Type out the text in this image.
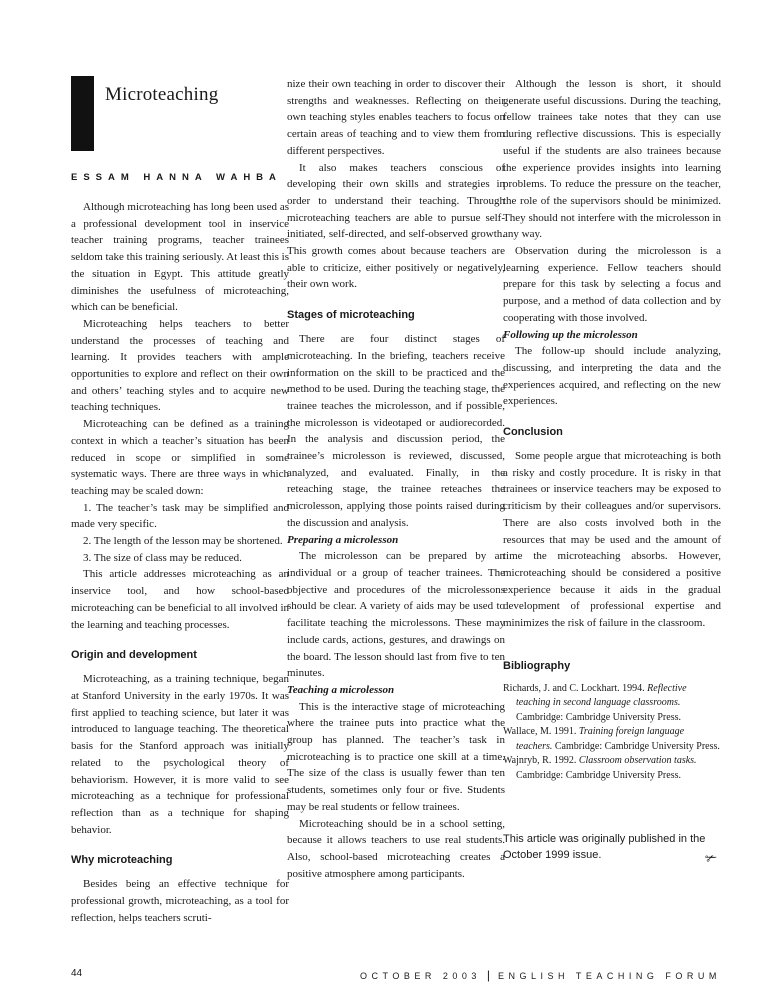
Microteaching

ESSAM HANNA WAHBA

Although microteaching has long been used as a professional development tool in inservice teacher training programs, teacher trainees seldom take this training seriously. At least this is the situation in Egypt. This attitude greatly diminishes the usefulness of microteaching, which can be beneficial.

Microteaching helps teachers to better understand the processes of teaching and learning. It provides teachers with ample opportunities to explore and reflect on their own and others’ teaching styles and to acquire new teaching techniques.

Microteaching can be defined as a training context in which a teacher’s situation has been reduced in scope or simplified in some systematic ways. There are three ways in which teaching may be scaled down:

1. The teacher’s task may be simplified and made very specific.

2. The length of the lesson may be shortened.

3. The size of class may be reduced.

This article addresses microteaching as an inservice tool, and how school-based microteaching can be beneficial to all involved in the learning and teaching processes.

Origin and development

Microteaching, as a training technique, began at Stanford University in the early 1970s. It was first applied to teaching science, but later it was introduced to language teaching. The theoretical basis for the Stanford approach was initially related to the psychological theory of behaviorism. However, it is more valid to see microteaching as a technique for professional reflection than as a technique for shaping behavior.

Why microteaching

Besides being an effective technique for professional growth, microteaching, as a tool for reflection, helps teachers scruti-

nize their own teaching in order to discover their strengths and weaknesses. Reflecting on their own teaching styles enables teachers to focus on certain areas of teaching and to view them from different perspectives.

It also makes teachers conscious of developing their own skills and strategies in order to understand their teaching. Through microteaching teachers are able to pursue self-initiated, self-directed, and self-observed growth. This growth comes about because teachers are able to criticize, either positively or negatively, their own work.

Stages of microteaching

There are four distinct stages of microteaching. In the briefing, teachers receive information on the skill to be practiced and the method to be used. During the teaching stage, the trainee teaches the microlesson, and if possible, the microlesson is videotaped or audiorecorded. In the analysis and discussion period, the trainee’s microlesson is reviewed, discussed, analyzed, and evaluated. Finally, in the reteaching stage, the trainee reteaches the microlesson, applying those points raised during the discussion and analysis.

Preparing a microlesson

The microlesson can be prepared by an individual or a group of teacher trainees. The objective and procedures of the microlessons should be clear. A variety of aids may be used to facilitate teaching the microlessons. These may include cards, actions, gestures, and drawings on the board. The lesson should last from five to ten minutes.

Teaching a microlesson

This is the interactive stage of microteaching where the trainee puts into practice what the group has planned. The teacher’s task in microteaching is to practice one skill at a time. The size of the class is usually fewer than ten students, sometimes only four or five. Students may be real students or fellow trainees.

Microteaching should be in a school setting, because it allows teachers to use real students. Also, school-based microteaching creates a positive atmosphere among participants.

Although the lesson is short, it should generate useful discussions. During the teaching, fellow trainees take notes that they can use during reflective discussions. This is especially useful if the students are also trainees because the experience provides insights into learning problems. To reduce the pressure on the teacher, the role of the supervisors should be minimized. They should not interfere with the microlesson in any way.

Observation during the microlesson is a learning experience. Fellow teachers should prepare for this task by selecting a focus and purpose, and a method of data collection and by cooperating with those involved.

Following up the microlesson

The follow-up should include analyzing, discussing, and interpreting the data and the experiences acquired, and reflecting on the new experiences.

Conclusion

Some people argue that microteaching is both a risky and costly procedure. It is risky in that trainees or inservice teachers may be exposed to criticism by their colleagues and/or supervisors. There are also costs involved both in the resources that may be used and the amount of time the microteaching absorbs. However, microteaching should be considered a positive experience because it aids in the gradual development of professional expertise and minimizes the risk of failure in the classroom.

Bibliography

Richards, J. and C. Lockhart. 1994. Reflective teaching in second language classrooms. Cambridge: Cambridge University Press.

Wallace, M. 1991. Training foreign language teachers. Cambridge: Cambridge University Press.

Wajnryb, R. 1992. Classroom observation tasks. Cambridge: Cambridge University Press.

This article was originally published in the October 1999 issue.	✃
44	OCTOBER 2003 | ENGLISH TEACHING FORUM
